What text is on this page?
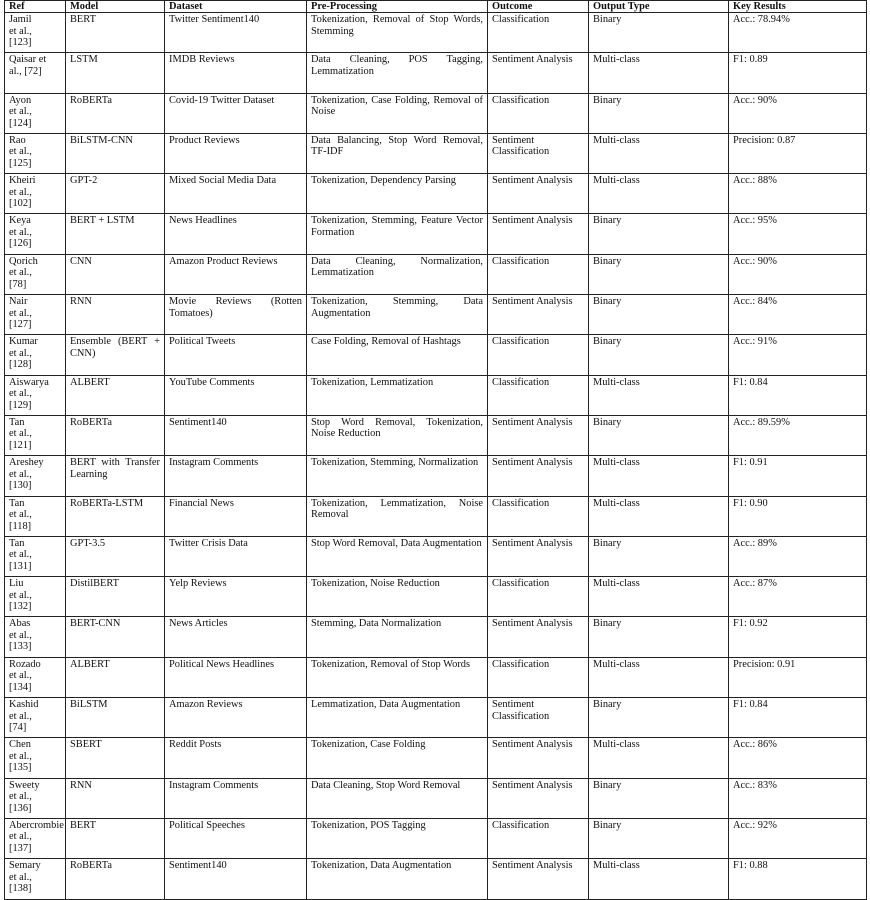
Ref	Model	Dataset	Pre-Processing	Outcome	Output Type	Key Results
Jamil
et al.,
[123]	BERT	Twitter Sentiment140	Tokenization, Removal of Stop Words, Stemming	Classification	Binary	Acc.: 78.94%
Qaisar et
al., [72]	LSTM	IMDB Reviews	Data Cleaning, POS Tagging, Lemmatization	Sentiment Analysis	Multi-class	F1: 0.89
Ayon
et al.,
[124]	RoBERTa	Covid-19 Twitter Dataset	Tokenization, Case Folding, Removal of Noise	Classification	Binary	Acc.: 90%
Rao
et al.,
[125]	BiLSTM-CNN	Product Reviews	Data Balancing, Stop Word Removal, TF-IDF	Sentiment Classification	Multi-class	Precision: 0.87
Kheiri
et al.,
[102]	GPT-2	Mixed Social Media Data	Tokenization, Dependency Parsing	Sentiment Analysis	Multi-class	Acc.: 88%
Keya
et al.,
[126]	BERT + LSTM	News Headlines	Tokenization, Stemming, Feature Vector Formation	Sentiment Analysis	Binary	Acc.: 95%
Qorich
et al.,
[78]	CNN	Amazon Product Reviews	Data Cleaning, Normalization, Lemmatization	Classification	Binary	Acc.: 90%
Nair
et al.,
[127]	RNN	Movie Reviews (Rotten Tomatoes)	Tokenization, Stemming, Data Augmentation	Sentiment Analysis	Binary	Acc.: 84%
Kumar
et al.,
[128]	Ensemble (BERT + CNN)	Political Tweets	Case Folding, Removal of Hashtags	Classification	Binary	Acc.: 91%
Aiswarya
et al.,
[129]	ALBERT	YouTube Comments	Tokenization, Lemmatization	Classification	Multi-class	F1: 0.84
Tan
et al.,
[121]	RoBERTa	Sentiment140	Stop Word Removal, Tokenization, Noise Reduction	Sentiment Analysis	Binary	Acc.: 89.59%
Areshey
et al.,
[130]	BERT with Transfer Learning	Instagram Comments	Tokenization, Stemming, Normalization	Sentiment Analysis	Multi-class	F1: 0.91
Tan
et al.,
[118]	RoBERTa-LSTM	Financial News	Tokenization, Lemmatization, Noise Removal	Classification	Multi-class	F1: 0.90
Tan
et al.,
[131]	GPT-3.5	Twitter Crisis Data	Stop Word Removal, Data Augmentation	Sentiment Analysis	Binary	Acc.: 89%
Liu
et al.,
[132]	DistilBERT	Yelp Reviews	Tokenization, Noise Reduction	Classification	Multi-class	Acc.: 87%
Abas
et al.,
[133]	BERT-CNN	News Articles	Stemming, Data Normalization	Sentiment Analysis	Binary	F1: 0.92
Rozado
et al.,
[134]	ALBERT	Political News Headlines	Tokenization, Removal of Stop Words	Classification	Multi-class	Precision: 0.91
Kashid
et al.,
[74]	BiLSTM	Amazon Reviews	Lemmatization, Data Augmentation	Sentiment Classification	Binary	F1: 0.84
Chen
et al.,
[135]	SBERT	Reddit Posts	Tokenization, Case Folding	Sentiment Analysis	Multi-class	Acc.: 86%
Sweety
et al.,
[136]	RNN	Instagram Comments	Data Cleaning, Stop Word Removal	Sentiment Analysis	Binary	Acc.: 83%
Abercrombie
et al.,
[137]	BERT	Political Speeches	Tokenization, POS Tagging	Classification	Binary	Acc.: 92%
Semary
et al.,
[138]	RoBERTa	Sentiment140	Tokenization, Data Augmentation	Sentiment Analysis	Multi-class	F1: 0.88
